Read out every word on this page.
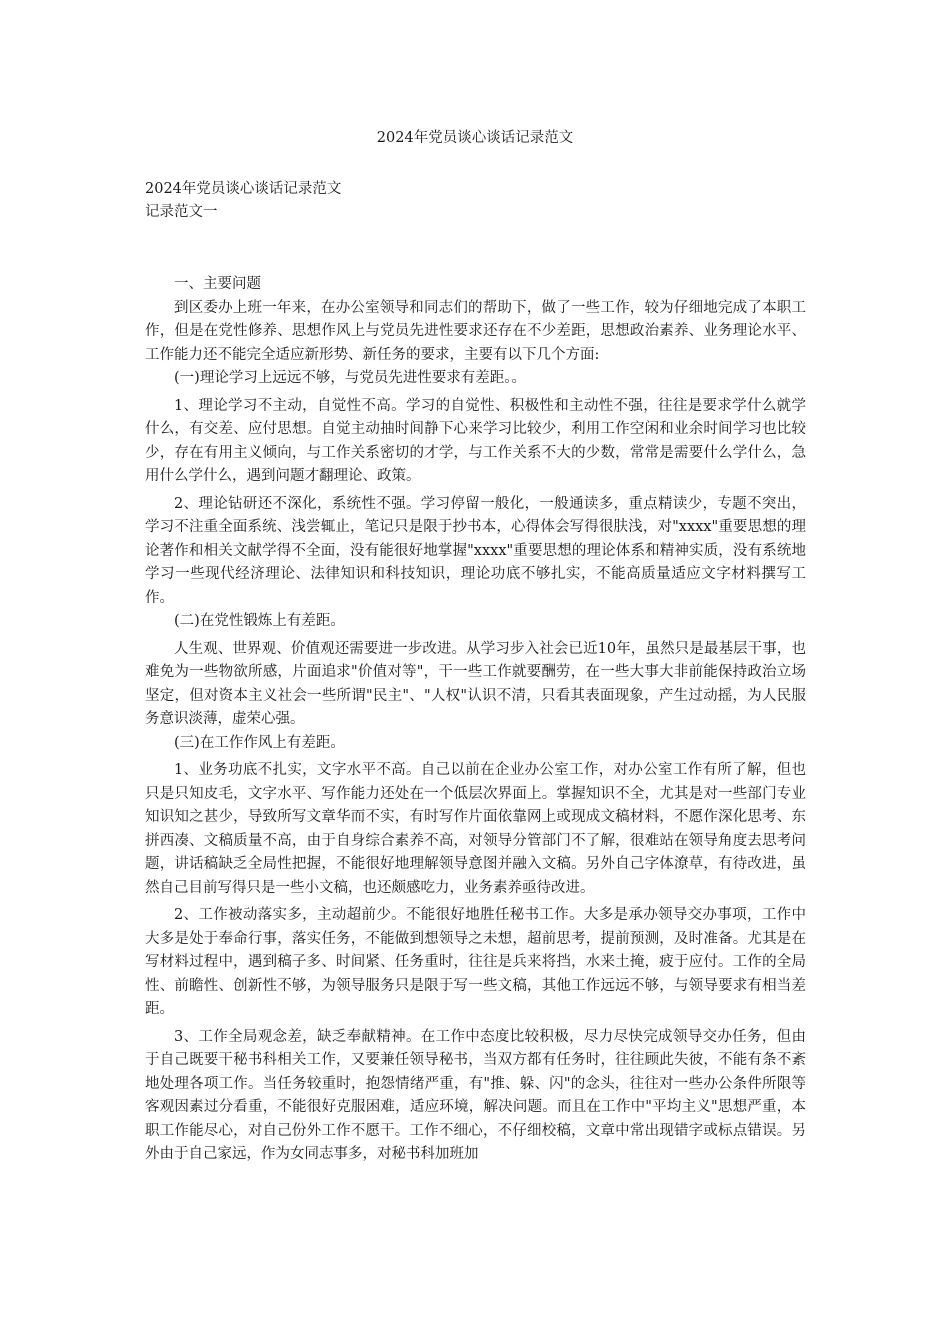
2024年党员谈心谈话记录范文
2024年党员谈心谈话记录范文
记录范文一

一、主要问题

到区委办上班一年来，在办公室领导和同志们的帮助下，做了一些工作，较为仔细地完成了本职工作，但是在党性修养、思想作风上与党员先进性要求还存在不少差距，思想政治素养、业务理论水平、工作能力还不能完全适应新形势、新任务的要求，主要有以下几个方面:

(一)理论学习上远远不够，与党员先进性要求有差距。。

1、理论学习不主动，自觉性不高。学习的自觉性、积极性和主动性不强，往往是要求学什么就学什么，有交差、应付思想。自觉主动抽时间静下心来学习比较少，利用工作空闲和业余时间学习也比较少，存在有用主义倾向，与工作关系密切的才学，与工作关系不大的少数，常常是需要什么学什么，急用什么学什么，遇到问题才翻理论、政策。

2、理论钻研还不深化，系统性不强。学习停留一般化，一般通读多，重点精读少，专题不突出，学习不注重全面系统、浅尝辄止，笔记只是限于抄书本，心得体会写得很肤浅，对"xxxx"重要思想的理论著作和相关文献学得不全面，没有能很好地掌握"xxxx"重要思想的理论体系和精神实质，没有系统地学习一些现代经济理论、法律知识和科技知识，理论功底不够扎实，不能高质量适应文字材料撰写工作。

(二)在党性锻炼上有差距。

人生观、世界观、价值观还需要进一步改进。从学习步入社会已近10年，虽然只是最基层干事，也难免为一些物欲所感，片面追求"价值对等"，干一些工作就要酬劳，在一些大事大非前能保持政治立场坚定，但对资本主义社会一些所谓"民主"、"人权"认识不清，只看其表面现象，产生过动摇，为人民服务意识淡薄，虚荣心强。

(三)在工作作风上有差距。

1、业务功底不扎实，文字水平不高。自己以前在企业办公室工作，对办公室工作有所了解，但也只是只知皮毛，文字水平、写作能力还处在一个低层次界面上。掌握知识不全，尤其是对一些部门专业知识知之甚少，导致所写文章华而不实，有时写作片面依靠网上或现成文稿材料，不愿作深化思考、东拼西凑、文稿质量不高，由于自身综合素养不高，对领导分管部门不了解，很难站在领导角度去思考问题，讲话稿缺乏全局性把握，不能很好地理解领导意图并融入文稿。另外自己字体潦草，有待改进，虽然自己目前写得只是一些小文稿，也还颇感吃力，业务素养亟待改进。

2、工作被动落实多，主动超前少。不能很好地胜任秘书工作。大多是承办领导交办事项，工作中大多是处于奉命行事，落实任务，不能做到想领导之未想，超前思考，提前预测，及时准备。尤其是在写材料过程中，遇到稿子多、时间紧、任务重时，往往是兵来将挡，水来土掩，疲于应付。工作的全局性、前瞻性、创新性不够，为领导服务只是限于写一些文稿，其他工作远远不够，与领导要求有相当差距。

3、工作全局观念差，缺乏奉献精神。在工作中态度比较积极，尽力尽快完成领导交办任务，但由于自己既要干秘书科相关工作，又要兼任领导秘书，当双方都有任务时，往往顾此失彼，不能有条不紊地处理各项工作。当任务较重时，抱怨情绪严重，有"推、躲、闪"的念头，往往对一些办公条件所限等客观因素过分看重，不能很好克服困难，适应环境，解决问题。而且在工作中"平均主义"思想严重，本职工作能尽心，对自己份外工作不愿干。工作不细心，不仔细校稿，文章中常出现错字或标点错误。另外由于自己家远，作为女同志事多，对秘书科加班加
